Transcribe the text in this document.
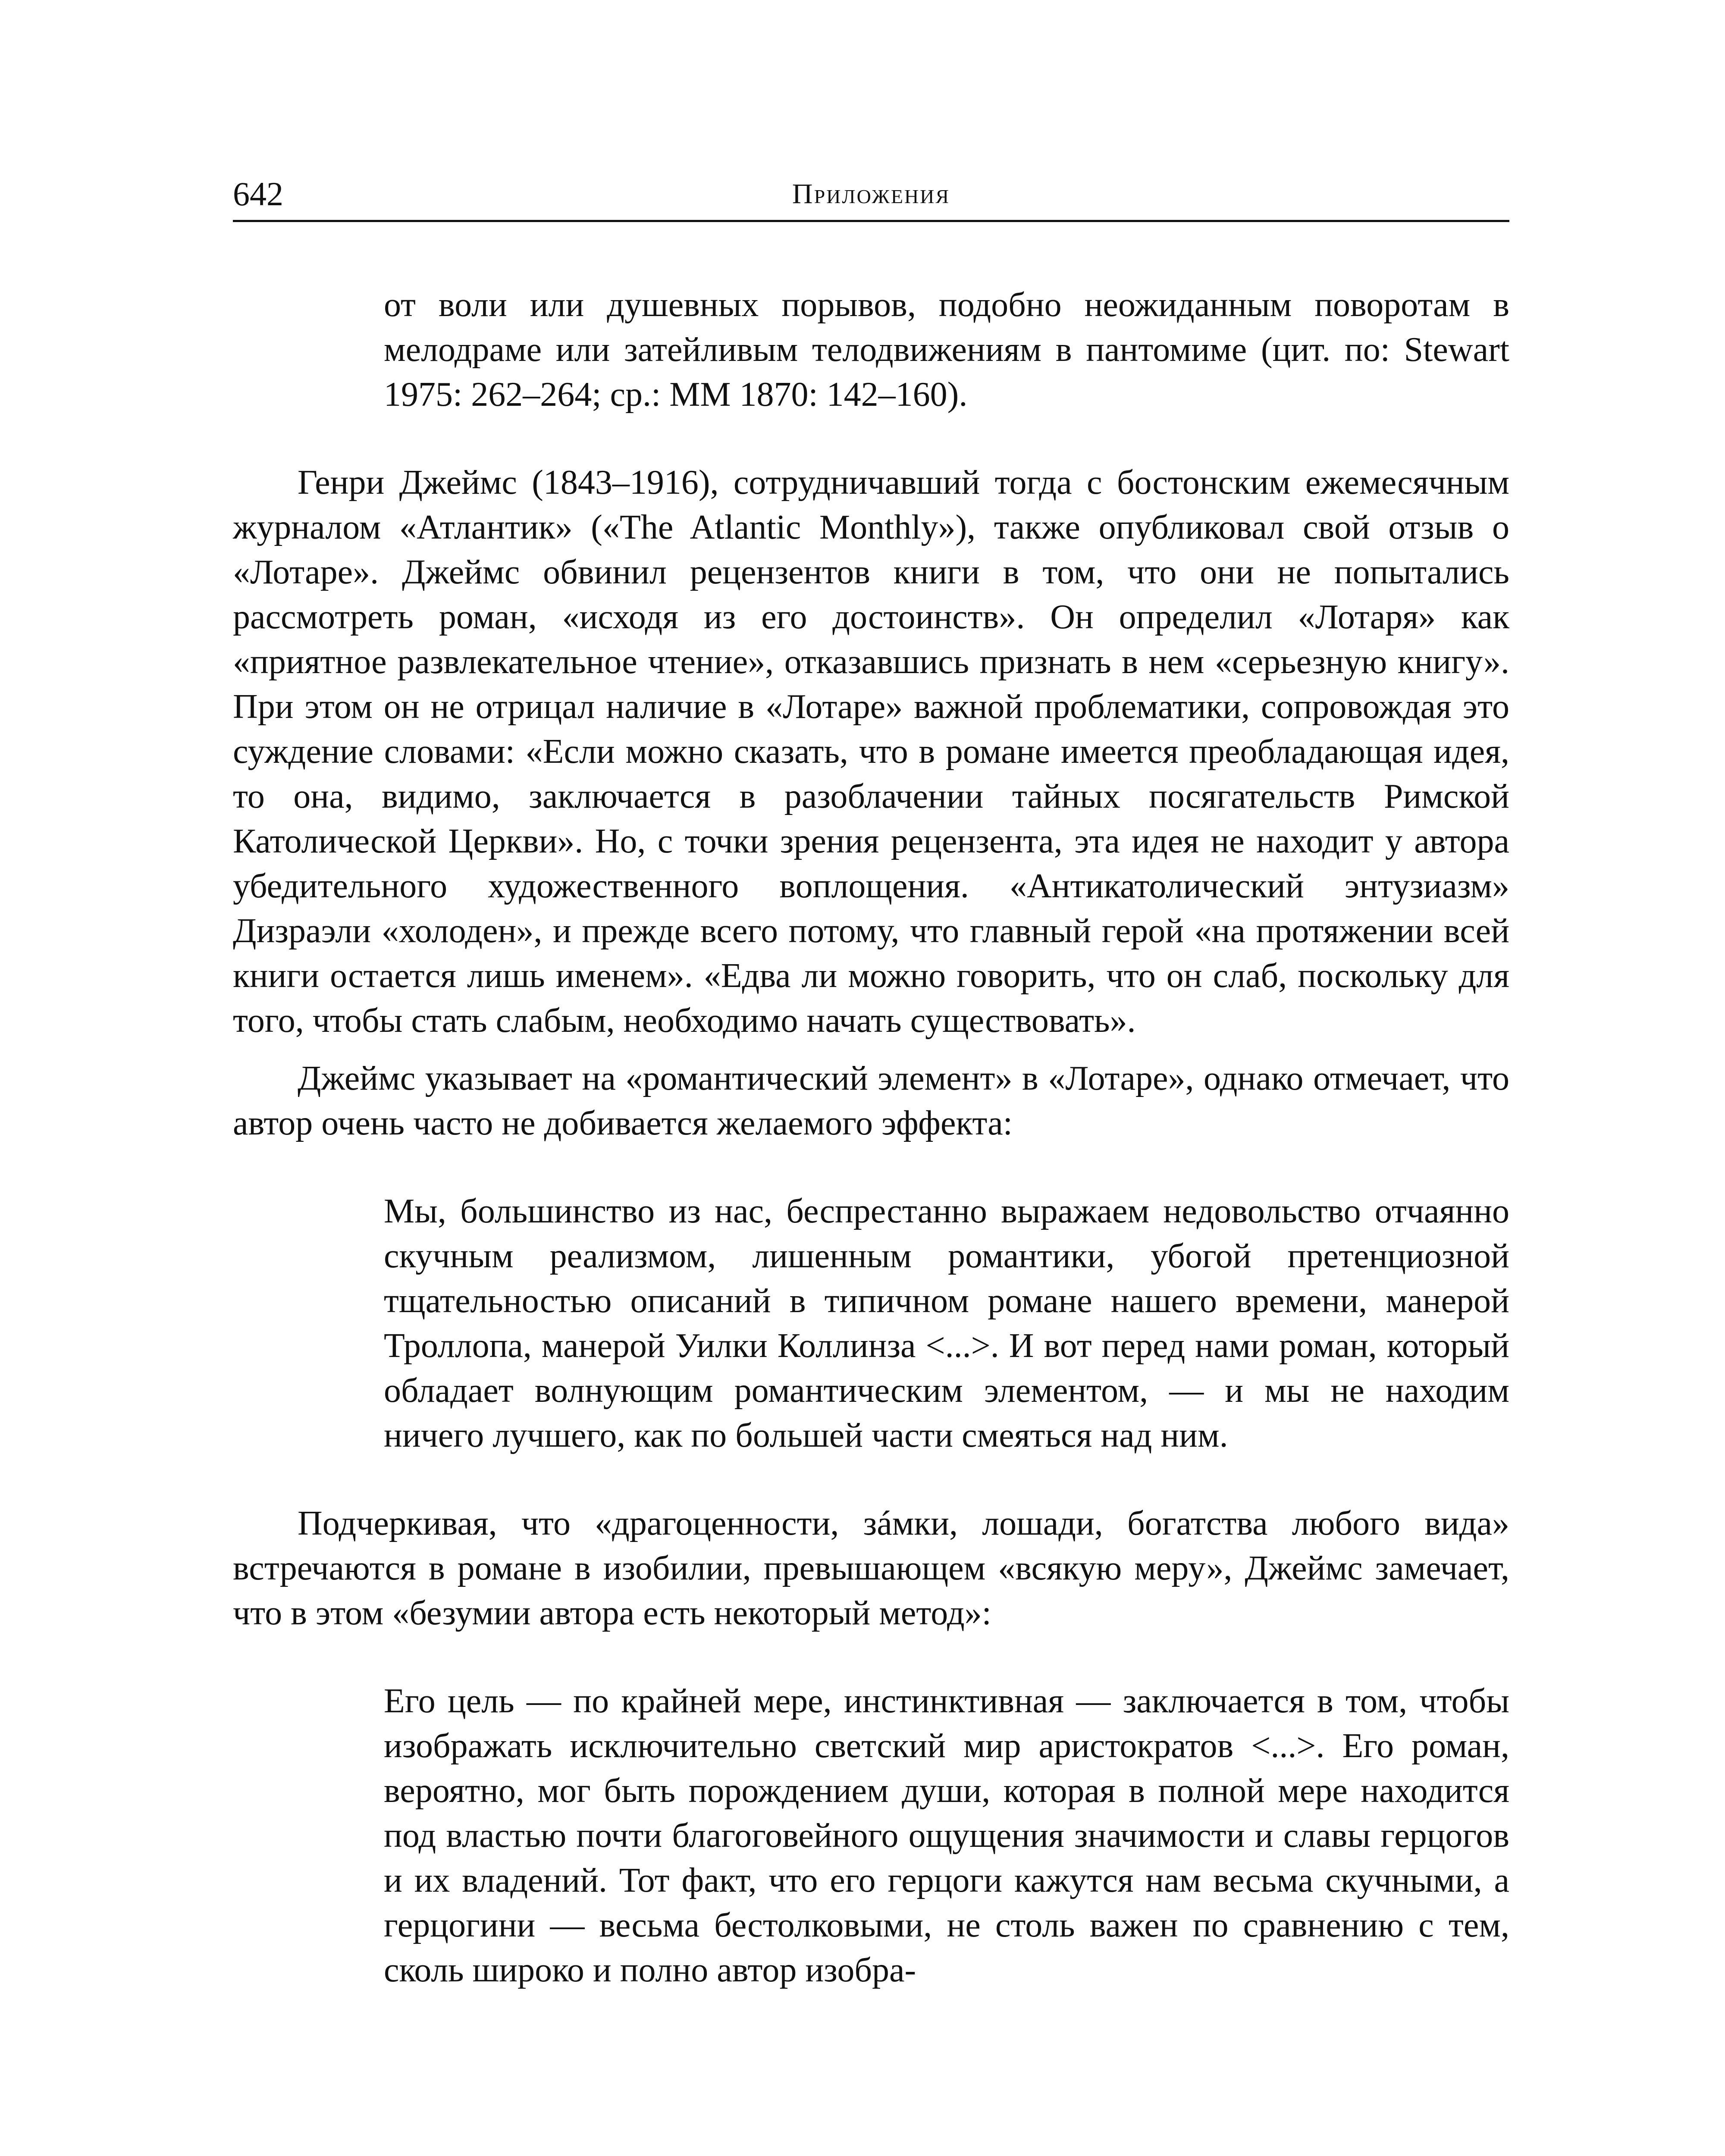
642	Приложения

от воли или душевных порывов, подобно неожиданным поворотам в мелодраме или затейливым телодвижениям в пантомиме (цит. по: Stewart 1975: 262–264; ср.: MM 1870: 142–160).

Генри Джеймс (1843–1916), сотрудничавший тогда с бостонским ежемесячным журналом «Атлантик» («The Atlantic Monthly»), также опубликовал свой отзыв о «Лотаре». Джеймс обвинил рецензентов книги в том, что они не попытались рассмотреть роман, «исходя из его достоинств». Он определил «Лотаря» как «приятное развлекательное чтение», отказавшись признать в нем «серьезную книгу». При этом он не отрицал наличие в «Лотаре» важной проблематики, сопровождая это суждение словами: «Если можно сказать, что в романе имеется преобладающая идея, то она, видимо, заключается в разоблачении тайных посягательств Римской Католической Церкви». Но, с точки зрения рецензента, эта идея не находит у автора убедительного художественного воплощения. «Антикатолический энтузиазм» Дизраэли «холоден», и прежде всего потому, что главный герой «на протяжении всей книги остается лишь именем». «Едва ли можно говорить, что он слаб, поскольку для того, чтобы стать слабым, необходимо начать существовать».

Джеймс указывает на «романтический элемент» в «Лотаре», однако отмечает, что автор очень часто не добивается желаемого эффекта:

Мы, большинство из нас, беспрестанно выражаем недовольство отчаянно скучным реализмом, лишенным романтики, убогой претенциозной тщательностью описаний в типичном романе нашего времени, манерой Троллопа, манерой Уилки Коллинза <...>. И вот перед нами роман, который обладает волнующим романтическим элементом, — и мы не находим ничего лучшего, как по большей части смеяться над ним.

Подчеркивая, что «драгоценности, зáмки, лошади, богатства любого вида» встречаются в романе в изобилии, превышающем «всякую меру», Джеймс замечает, что в этом «безумии автора есть некоторый метод»:

Его цель — по крайней мере, инстинктивная — заключается в том, чтобы изображать исключительно светский мир аристократов <...>. Его роман, вероятно, мог быть порождением души, которая в полной мере находится под властью почти благоговейного ощущения значимости и славы герцогов и их владений. Тот факт, что его герцоги кажутся нам весьма скучными, а герцогини — весьма бестолковыми, не столь важен по сравнению с тем, сколь широко и полно автор изобра-
